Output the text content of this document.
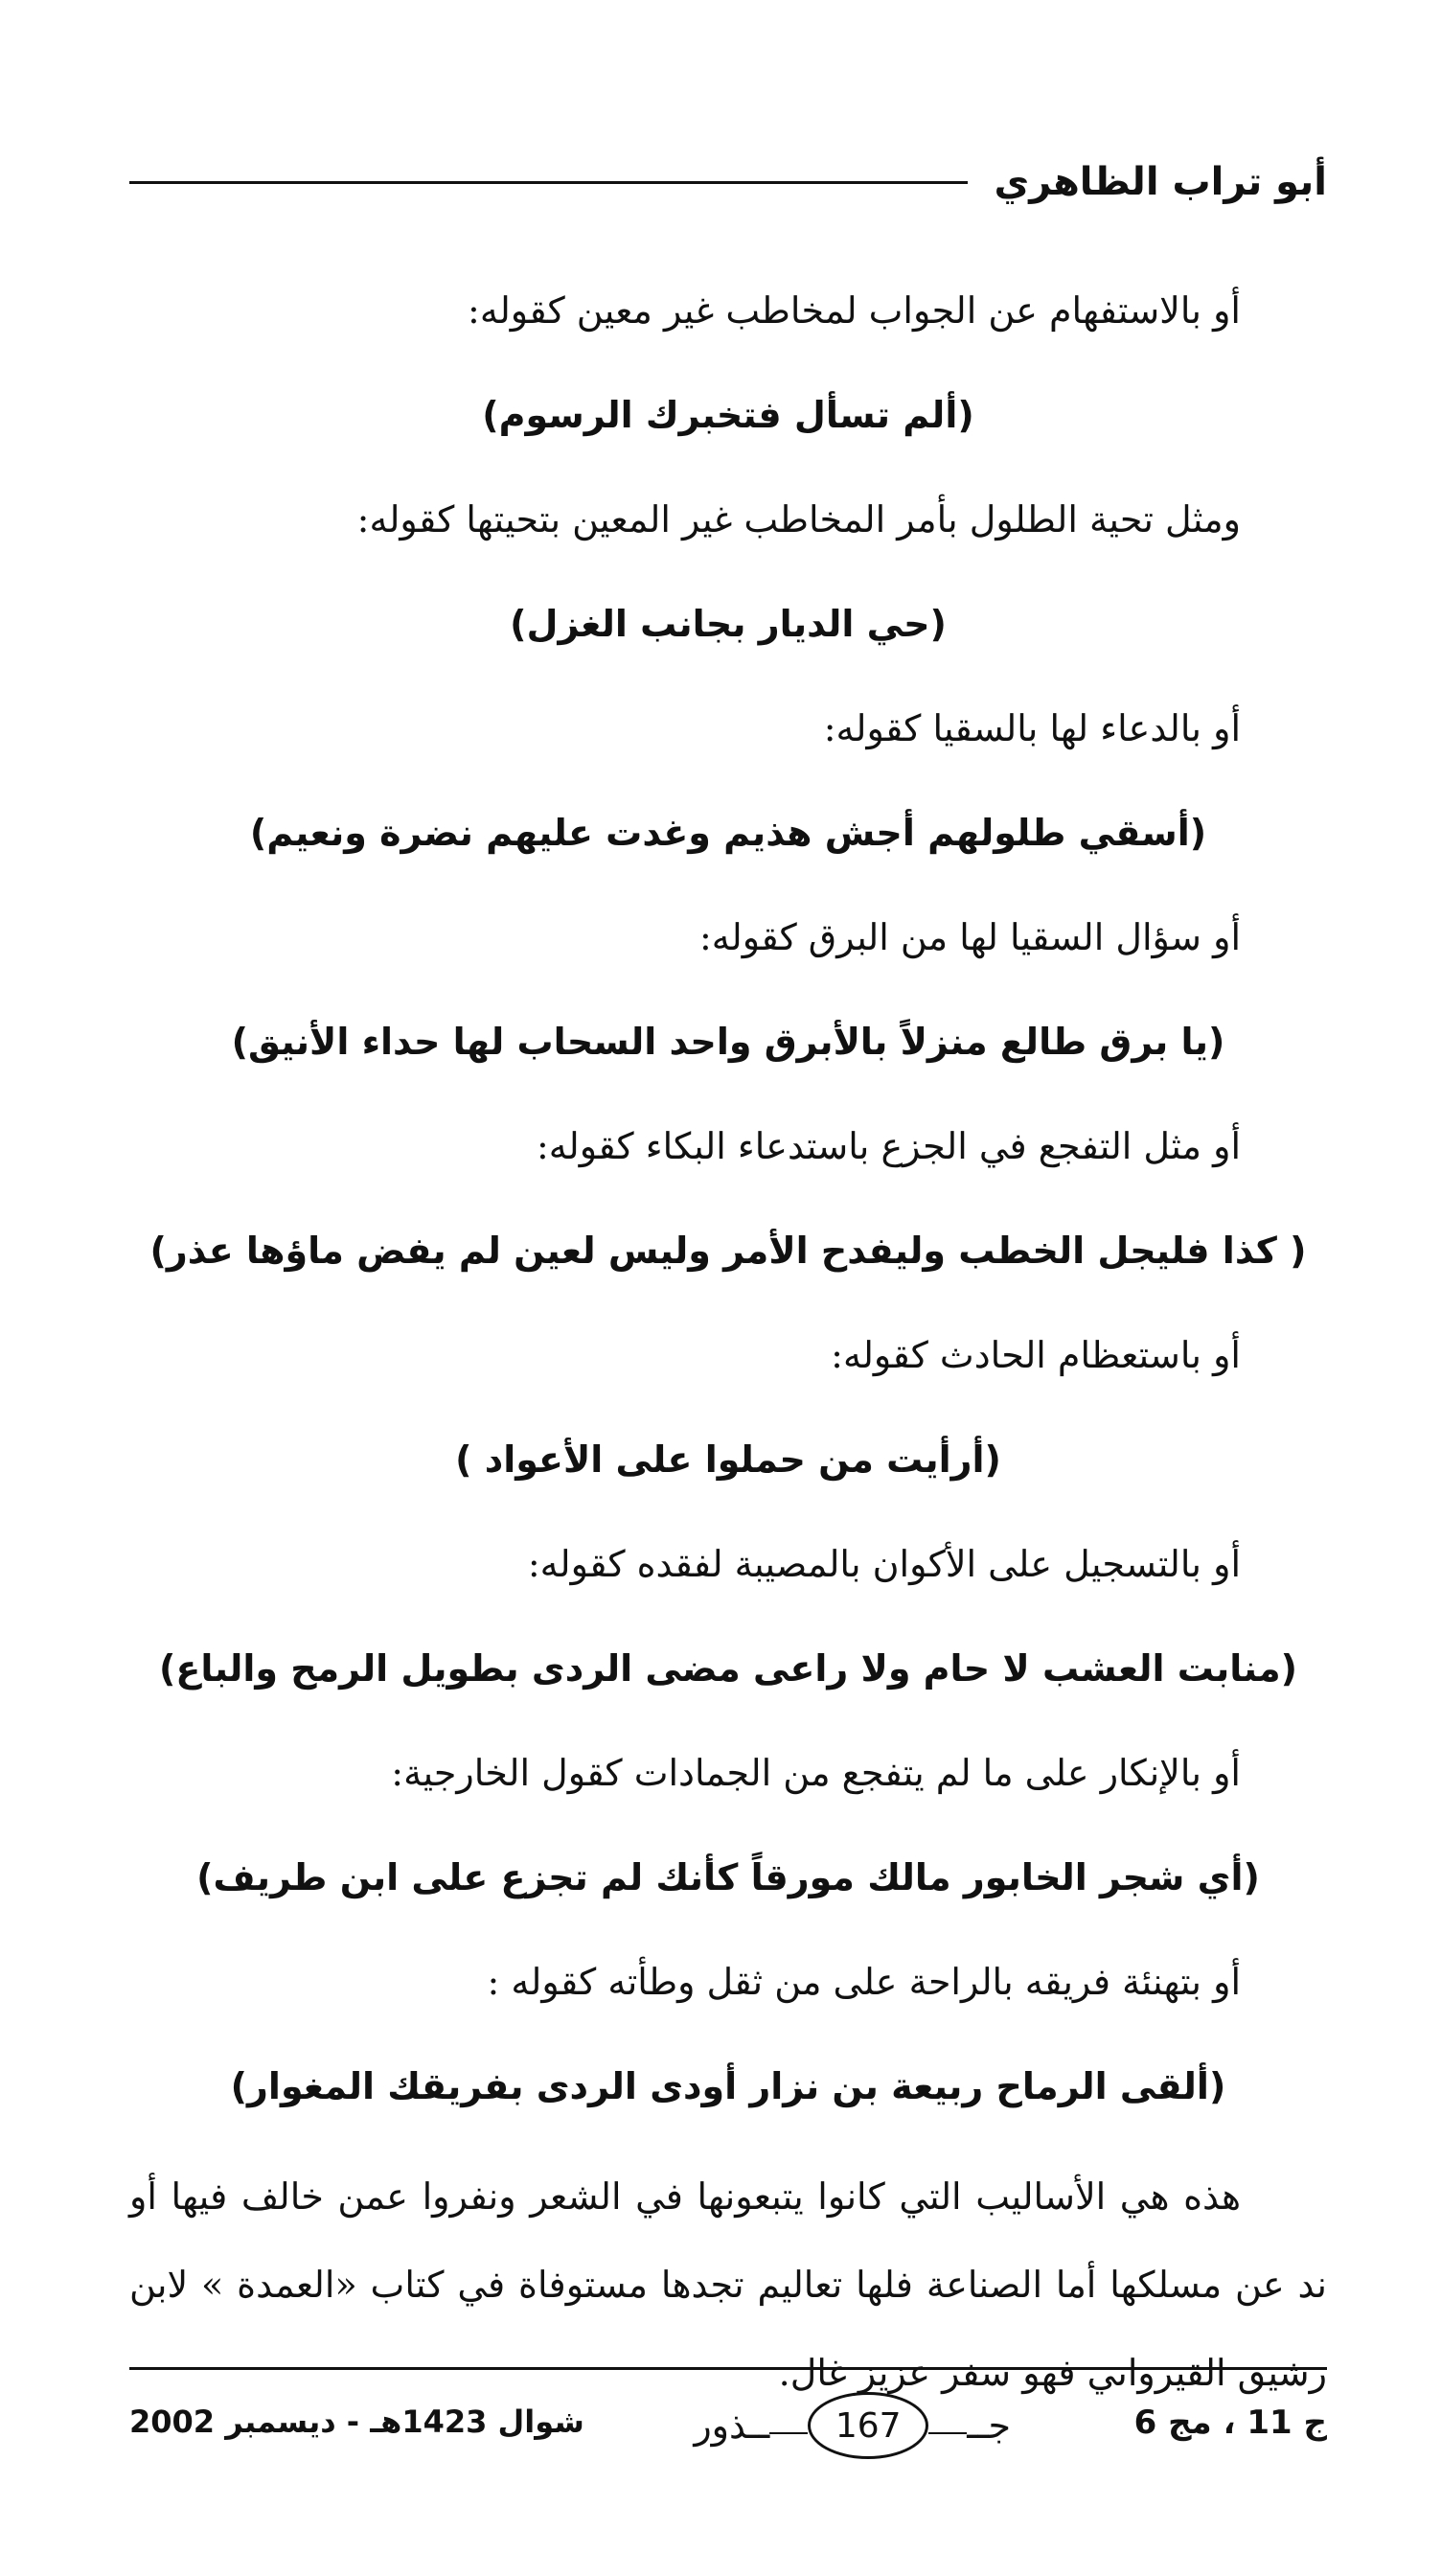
أبو تراب الظاهري
أو بالاستفهام عن الجواب لمخاطب غير معين كقوله:
(ألم تسأل فتخبرك الرسوم)
ومثل تحية الطلول بأمر المخاطب غير المعين بتحيتها كقوله:
(حي الديار بجانب الغزل)
أو بالدعاء لها بالسقيا كقوله:
(أسقي طلولهم أجش هذيم وغدت عليهم نضرة ونعيم)
أو سؤال السقيا لها من البرق كقوله:
(يا برق طالع منزلاً بالأبرق واحد السحاب لها حداء الأنيق)
أو مثل التفجع في الجزع باستدعاء البكاء كقوله:
( كذا فليجل الخطب وليفدح الأمر وليس لعين لم يفض ماؤها عذر)
أو باستعظام الحادث كقوله:
(أرأيت من حملوا على الأعواد )
أو بالتسجيل على الأكوان بالمصيبة لفقده كقوله:
(منابت العشب لا حام ولا راعى مضى الردى بطويل الرمح والباع)
أو بالإنكار على ما لم يتفجع من الجمادات كقول الخارجية:
(أي شجر الخابور مالك مورقاً كأنك لم تجزع على ابن طريف)
أو بتهنئة فريقه بالراحة على من ثقل وطأته كقوله :
(ألقى الرماح ربيعة بن نزار أودى الردى بفريقك المغوار)

هذه هي الأساليب التي كانوا يتبعونها في الشعر ونفروا عمن خالف فيها أو ند عن مسلكها أما الصناعة فلها تعاليم تجدها مستوفاة في كتاب «العمدة » لابن رشيق القيرواني فهو سفر عزيز غال.

ج 11 ، مج 6
جــ
167
ــذور
شوال 1423هـ - ديسمبر 2002
